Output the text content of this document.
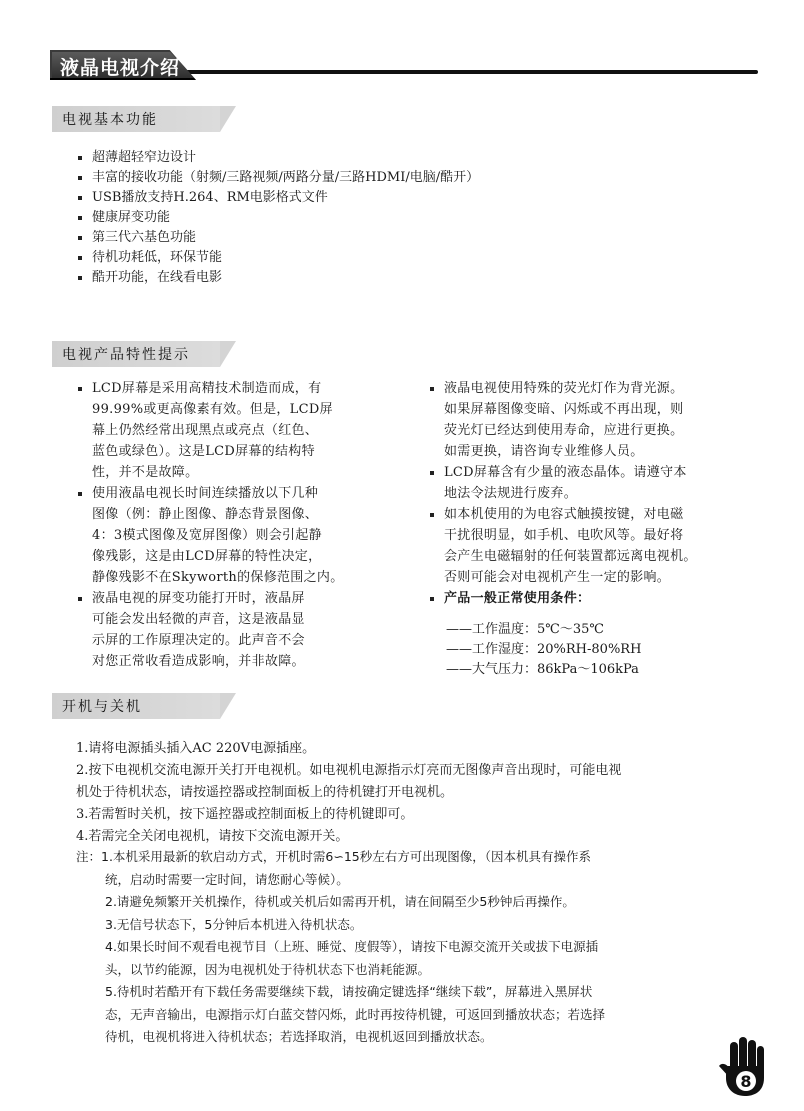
液晶电视介绍
电视基本功能
超薄超轻窄边设计
丰富的接收功能（射频/三路视频/两路分量/三路HDMI/电脑/酷开）
USB播放支持H.264、RM电影格式文件
健康屏变功能
第三代六基色功能
待机功耗低，环保节能
酷开功能，在线看电影
电视产品特性提示
LCD屏幕是采用高精技术制造而成，有
99.99%或更高像素有效。但是，LCD屏
幕上仍然经常出现黑点或亮点（红色、
蓝色或绿色）。这是LCD屏幕的结构特
性，并不是故障。
使用液晶电视长时间连续播放以下几种
图像（例：静止图像、静态背景图像、
4：3模式图像及宽屏图像）则会引起静
像残影，这是由LCD屏幕的特性决定，
静像残影不在Skyworth的保修范围之内。
液晶电视的屏变功能打开时，液晶屏
可能会发出轻微的声音，这是液晶显
示屏的工作原理决定的。此声音不会
对您正常收看造成影响，并非故障。
液晶电视使用特殊的荧光灯作为背光源。
如果屏幕图像变暗、闪烁或不再出现，则
荧光灯已经达到使用寿命，应进行更换。
如需更换，请咨询专业维修人员。
LCD屏幕含有少量的液态晶体。请遵守本
地法令法规进行废弃。
如本机使用的为电容式触摸按键，对电磁
干扰很明显，如手机、电吹风等。最好将
会产生电磁辐射的任何装置都远离电视机。
否则可能会对电视机产生一定的影响。
产品一般正常使用条件：
——工作温度：5℃～35℃
——工作湿度：20%RH-80%RH
——大气压力：86kPa～106kPa
开机与关机
1.请将电源插头插入AC 220V电源插座。
2.按下电视机交流电源开关打开电视机。如电视机电源指示灯亮而无图像声音出现时，可能电视
机处于待机状态，请按遥控器或控制面板上的待机键打开电视机。
3.若需暂时关机，按下遥控器或控制面板上的待机键即可。
4.若需完全关闭电视机，请按下交流电源开关。
注：1.本机采用最新的软启动方式，开机时需6∽15秒左右方可出现图像，（因本机具有操作系
统，启动时需要一定时间，请您耐心等候）。
2.请避免频繁开关机操作，待机或关机后如需再开机，请在间隔至少5秒钟后再操作。
3.无信号状态下，5分钟后本机进入待机状态。
4.如果长时间不观看电视节目（上班、睡觉、度假等），请按下电源交流开关或拔下电源插
头，以节约能源，因为电视机处于待机状态下也消耗能源。
5.待机时若酷开有下载任务需要继续下载，请按确定键选择“继续下载”，屏幕进入黑屏状
态，无声音输出，电源指示灯白蓝交替闪烁，此时再按待机键，可返回到播放状态；若选择
待机，电视机将进入待机状态；若选择取消，电视机返回到播放状态。
8
